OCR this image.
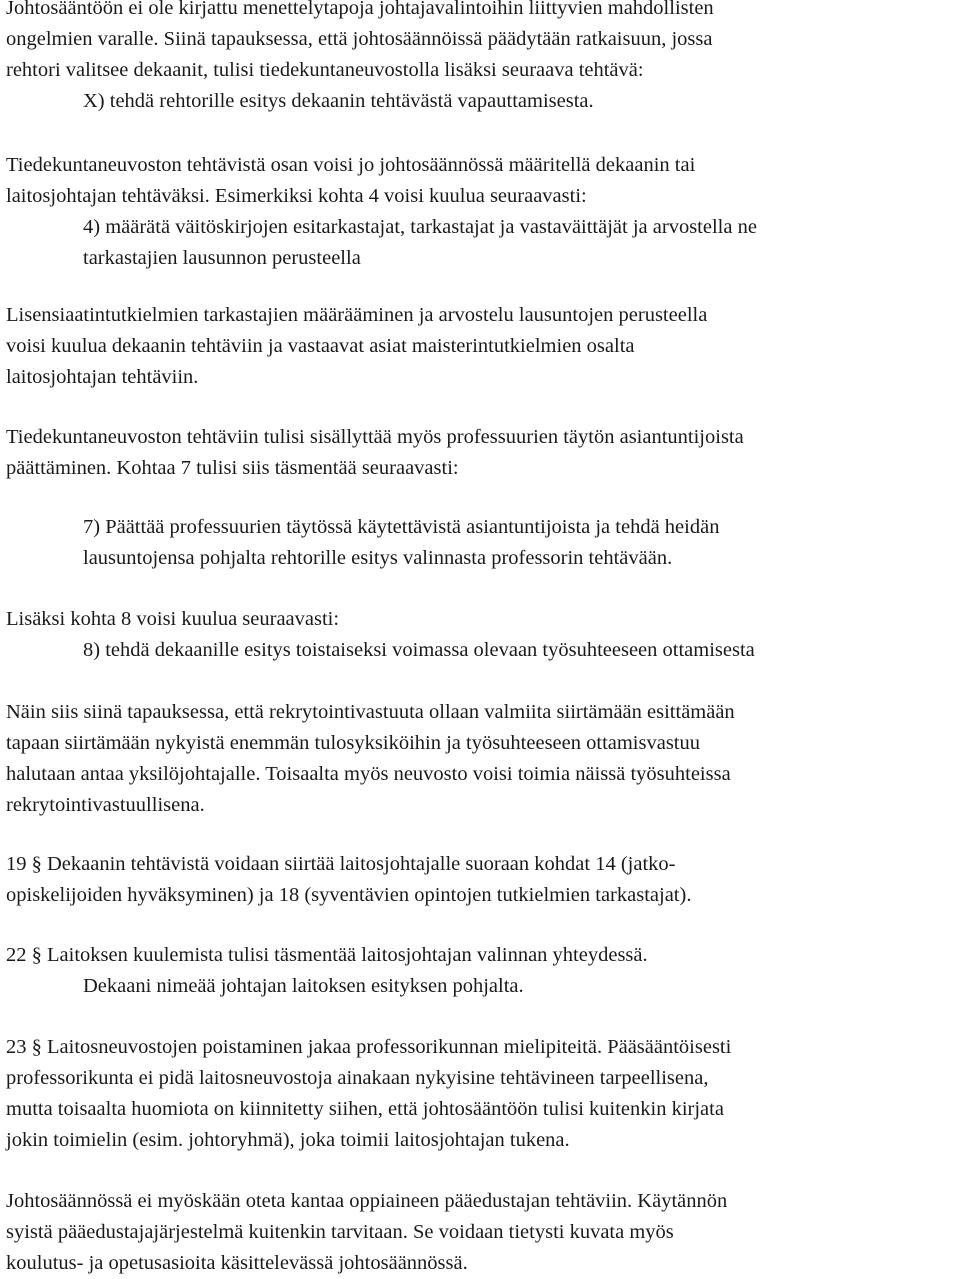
Johtosääntöön ei ole kirjattu menettelytapoja johtajavalintoihin liittyvien mahdollisten
ongelmien varalle. Siinä tapauksessa, että johtosäännöissä päädytään ratkaisuun, jossa
rehtori valitsee dekaanit, tulisi tiedekuntaneuvostolla lisäksi seuraava tehtävä:
X) tehdä rehtorille esitys dekaanin tehtävästä vapauttamisesta.
Tiedekuntaneuvoston tehtävistä osan voisi jo johtosäännössä määritellä dekaanin tai
laitosjohtajan tehtäväksi. Esimerkiksi kohta 4 voisi kuulua seuraavasti:
4) määrätä väitöskirjojen esitarkastajat, tarkastajat ja vastaväittäjät ja arvostella ne
tarkastajien lausunnon perusteella
Lisensiaatintutkielmien tarkastajien määrääminen ja arvostelu lausuntojen perusteella
voisi kuulua dekaanin tehtäviin ja vastaavat asiat maisterintutkielmien osalta
laitosjohtajan tehtäviin.
Tiedekuntaneuvoston tehtäviin tulisi sisällyttää myös professuurien täytön asiantuntijoista
päättäminen. Kohtaa 7 tulisi siis täsmentää seuraavasti:
7) Päättää professuurien täytössä käytettävistä asiantuntijoista ja tehdä heidän
lausuntojensa pohjalta rehtorille esitys valinnasta professorin tehtävään.
Lisäksi kohta 8 voisi kuulua seuraavasti:
8) tehdä dekaanille esitys toistaiseksi voimassa olevaan työsuhteeseen ottamisesta
Näin siis siinä tapauksessa, että rekrytointivastuuta ollaan valmiita siirtämään esittämään
tapaan siirtämään nykyistä enemmän tulosyksiköihin ja työsuhteeseen ottamisvastuu
halutaan antaa yksilöjohtajalle. Toisaalta myös neuvosto voisi toimia näissä työsuhteissa
rekrytointivastuullisena.
19 § Dekaanin tehtävistä voidaan siirtää laitosjohtajalle suoraan kohdat 14 (jatko-
opiskelijoiden hyväksyminen) ja 18 (syventävien opintojen tutkielmien tarkastajat).
22 § Laitoksen kuulemista tulisi täsmentää laitosjohtajan valinnan yhteydessä.
Dekaani nimeää johtajan laitoksen esityksen pohjalta.
23 § Laitosneuvostojen poistaminen jakaa professorikunnan mielipiteitä. Pääsääntöisesti
professorikunta ei pidä laitosneuvostoja ainakaan nykyisine tehtävineen tarpeellisena,
mutta toisaalta huomiota on kiinnitetty siihen, että johtosääntöön tulisi kuitenkin kirjata
jokin toimielin (esim. johtoryhmä), joka toimii laitosjohtajan tukena.
Johtosäännössä ei myöskään oteta kantaa oppiaineen pääedustajan tehtäviin. Käytännön
syistä pääedustajajärjestelmä kuitenkin tarvitaan. Se voidaan tietysti kuvata myös
koulutus- ja opetusasioita käsittelevässä johtosäännössä.
